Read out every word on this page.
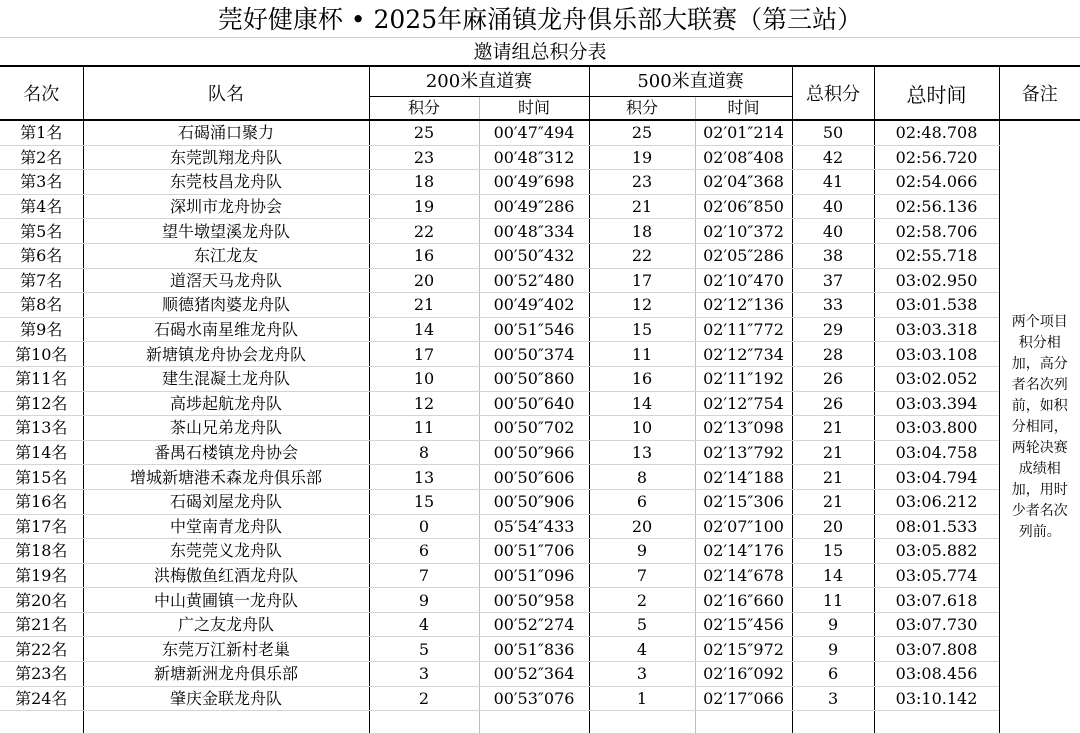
莞好健康杯 • 2025年麻涌镇龙舟俱乐部大联赛（第三站）
邀请组总积分表
名次	队名	200米直道赛		500米直道赛		总积分	总时间	备注
		积分	时间	积分	时间			
第1名	石碣涌口聚力	25	00′47″494	25	02′01″214	50	02:48.708	两个项目积分相加，高分者名次列前，如积分相同，两轮决赛成绩相加，用时少者名次列前。
第2名	东莞凯翔龙舟队	23	00′48″312	19	02′08″408	42	02:56.720	
第3名	东莞枝昌龙舟队	18	00′49″698	23	02′04″368	41	02:54.066	
第4名	深圳市龙舟协会	19	00′49″286	21	02′06″850	40	02:56.136	
第5名	望牛墩望溪龙舟队	22	00′48″334	18	02′10″372	40	02:58.706	
第6名	东江龙友	16	00′50″432	22	02′05″286	38	02:55.718	
第7名	道滘天马龙舟队	20	00′52″480	17	02′10″470	37	03:02.950	
第8名	顺德猪肉婆龙舟队	21	00′49″402	12	02′12″136	33	03:01.538	
第9名	石碣水南星维龙舟队	14	00′51″546	15	02′11″772	29	03:03.318	
第10名	新塘镇龙舟协会龙舟队	17	00′50″374	11	02′12″734	28	03:03.108	
第11名	建生混凝土龙舟队	10	00′50″860	16	02′11″192	26	03:02.052	
第12名	高埗起航龙舟队	12	00′50″640	14	02′12″754	26	03:03.394	
第13名	茶山兄弟龙舟队	11	00′50″702	10	02′13″098	21	03:03.800	
第14名	番禺石楼镇龙舟协会	8	00′50″966	13	02′13″792	21	03:04.758	
第15名	增城新塘港禾森龙舟俱乐部	13	00′50″606	8	02′14″188	21	03:04.794	
第16名	石碣刘屋龙舟队	15	00′50″906	6	02′15″306	21	03:06.212	
第17名	中堂南青龙舟队	0	05′54″433	20	02′07″100	20	08:01.533	
第18名	东莞莞义龙舟队	6	00′51″706	9	02′14″176	15	03:05.882	
第19名	洪梅傲鱼红酒龙舟队	7	00′51″096	7	02′14″678	14	03:05.774	
第20名	中山黄圃镇一龙舟队	9	00′50″958	2	02′16″660	11	03:07.618	
第21名	广之友龙舟队	4	00′52″274	5	02′15″456	9	03:07.730	
第22名	东莞万江新村老巢	5	00′51″836	4	02′15″972	9	03:07.808	
第23名	新塘新洲龙舟俱乐部	3	00′52″364	3	02′16″092	6	03:08.456	
第24名	肇庆金联龙舟队	2	00′53″076	1	02′17″066	3	03:10.142	
